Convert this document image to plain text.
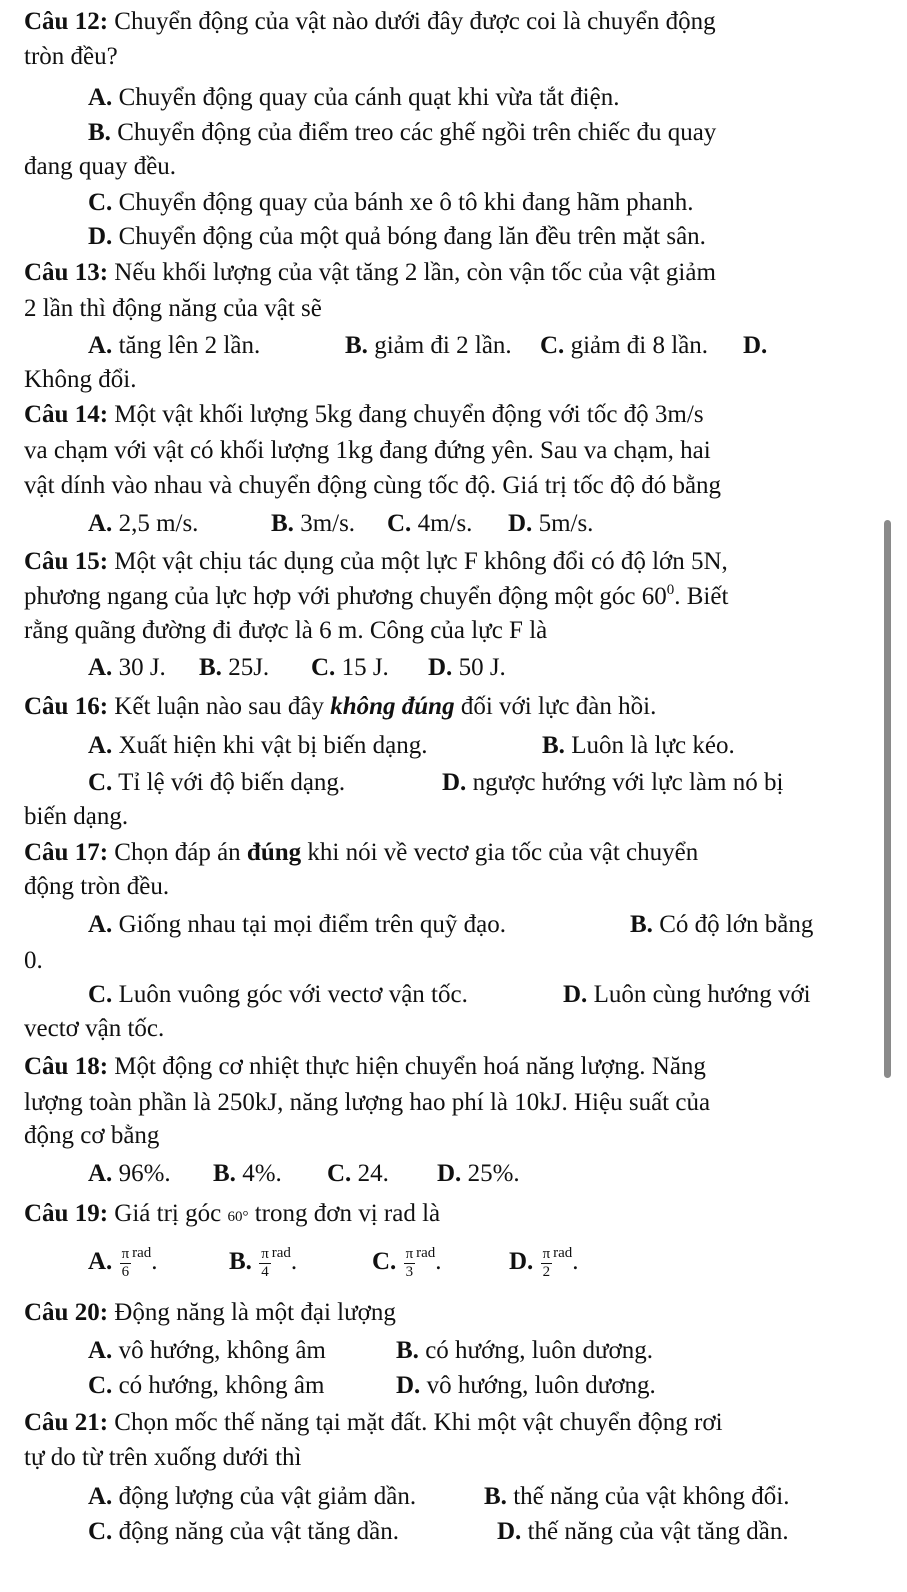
Câu 12: Chuyển động của vật nào dưới đây được coi là chuyển động
tròn đều?
A. Chuyển động quay của cánh quạt khi vừa tắt điện.
B. Chuyển động của điểm treo các ghế ngồi trên chiếc đu quay
đang quay đều.
C. Chuyển động quay của bánh xe ô tô khi đang hãm phanh.
D. Chuyển động của một quả bóng đang lăn đều trên mặt sân.
Câu 13: Nếu khối lượng của vật tăng 2 lần, còn vận tốc của vật giảm
2 lần thì động năng của vật sẽ
A. tăng lên 2 lần.	B. giảm đi 2 lần. C. giảm đi 8 lần. D.
Không đổi.
Câu 14: Một vật khối lượng 5kg đang chuyển động với tốc độ 3m/s
va chạm với vật có khối lượng 1kg đang đứng yên. Sau va chạm, hai
vật dính vào nhau và chuyển động cùng tốc độ. Giá trị tốc độ đó bằng
A. 2,5 m/s.	B. 3m/s. C. 4m/s. D. 5m/s.
Câu 15: Một vật chịu tác dụng của một lực F không đổi có độ lớn 5N,
phương ngang của lực hợp với phương chuyển động một góc $60^0$. Biết
rằng quãng đường đi được là 6 m. Công của lực F là
A. 30 J. B. 25J. C. 15 J. D. 50 J.
Câu 16: Kết luận nào sau đây không đúng đối với lực đàn hồi.
A. Xuất hiện khi vật bị biến dạng.	B. Luôn là lực kéo.
C. Tỉ lệ với độ biến dạng.	D. ngược hướng với lực làm nó bị
biến dạng.
Câu 17: Chọn đáp án đúng khi nói về vectơ gia tốc của vật chuyển
động tròn đều.
A. Giống nhau tại mọi điểm trên quỹ đạo.	B. Có độ lớn bằng
0.
C. Luôn vuông góc với vectơ vận tốc.	D. Luôn cùng hướng với
vectơ vận tốc.
Câu 18: Một động cơ nhiệt thực hiện chuyển hoá năng lượng. Năng
lượng toàn phần là 250kJ, năng lượng hao phí là 10kJ. Hiệu suất của
động cơ bằng
A. 96%. B. 4%. C. 24. D. 25%.
Câu 19: Giá trị góc 60° trong đơn vị rad là
A. $\frac{\pi}{6} ^{rad}$.	B. $\frac{\pi}{4} ^{rad}$.	C. $\frac{\pi}{3} ^{rad}$.	D. $\frac{\pi}{2} ^{rad}$.
Câu 20: Động năng là một đại lượng
A. vô hướng, không âm	B. có hướng, luôn dương.
C. có hướng, không âm	D. vô hướng, luôn dương.
Câu 21: Chọn mốc thế năng tại mặt đất. Khi một vật chuyển động rơi
tự do từ trên xuống dưới thì
A. động lượng của vật giảm dần.	B. thế năng của vật không đổi.
C. động năng của vật tăng dần.	D. thế năng của vật tăng dần.
